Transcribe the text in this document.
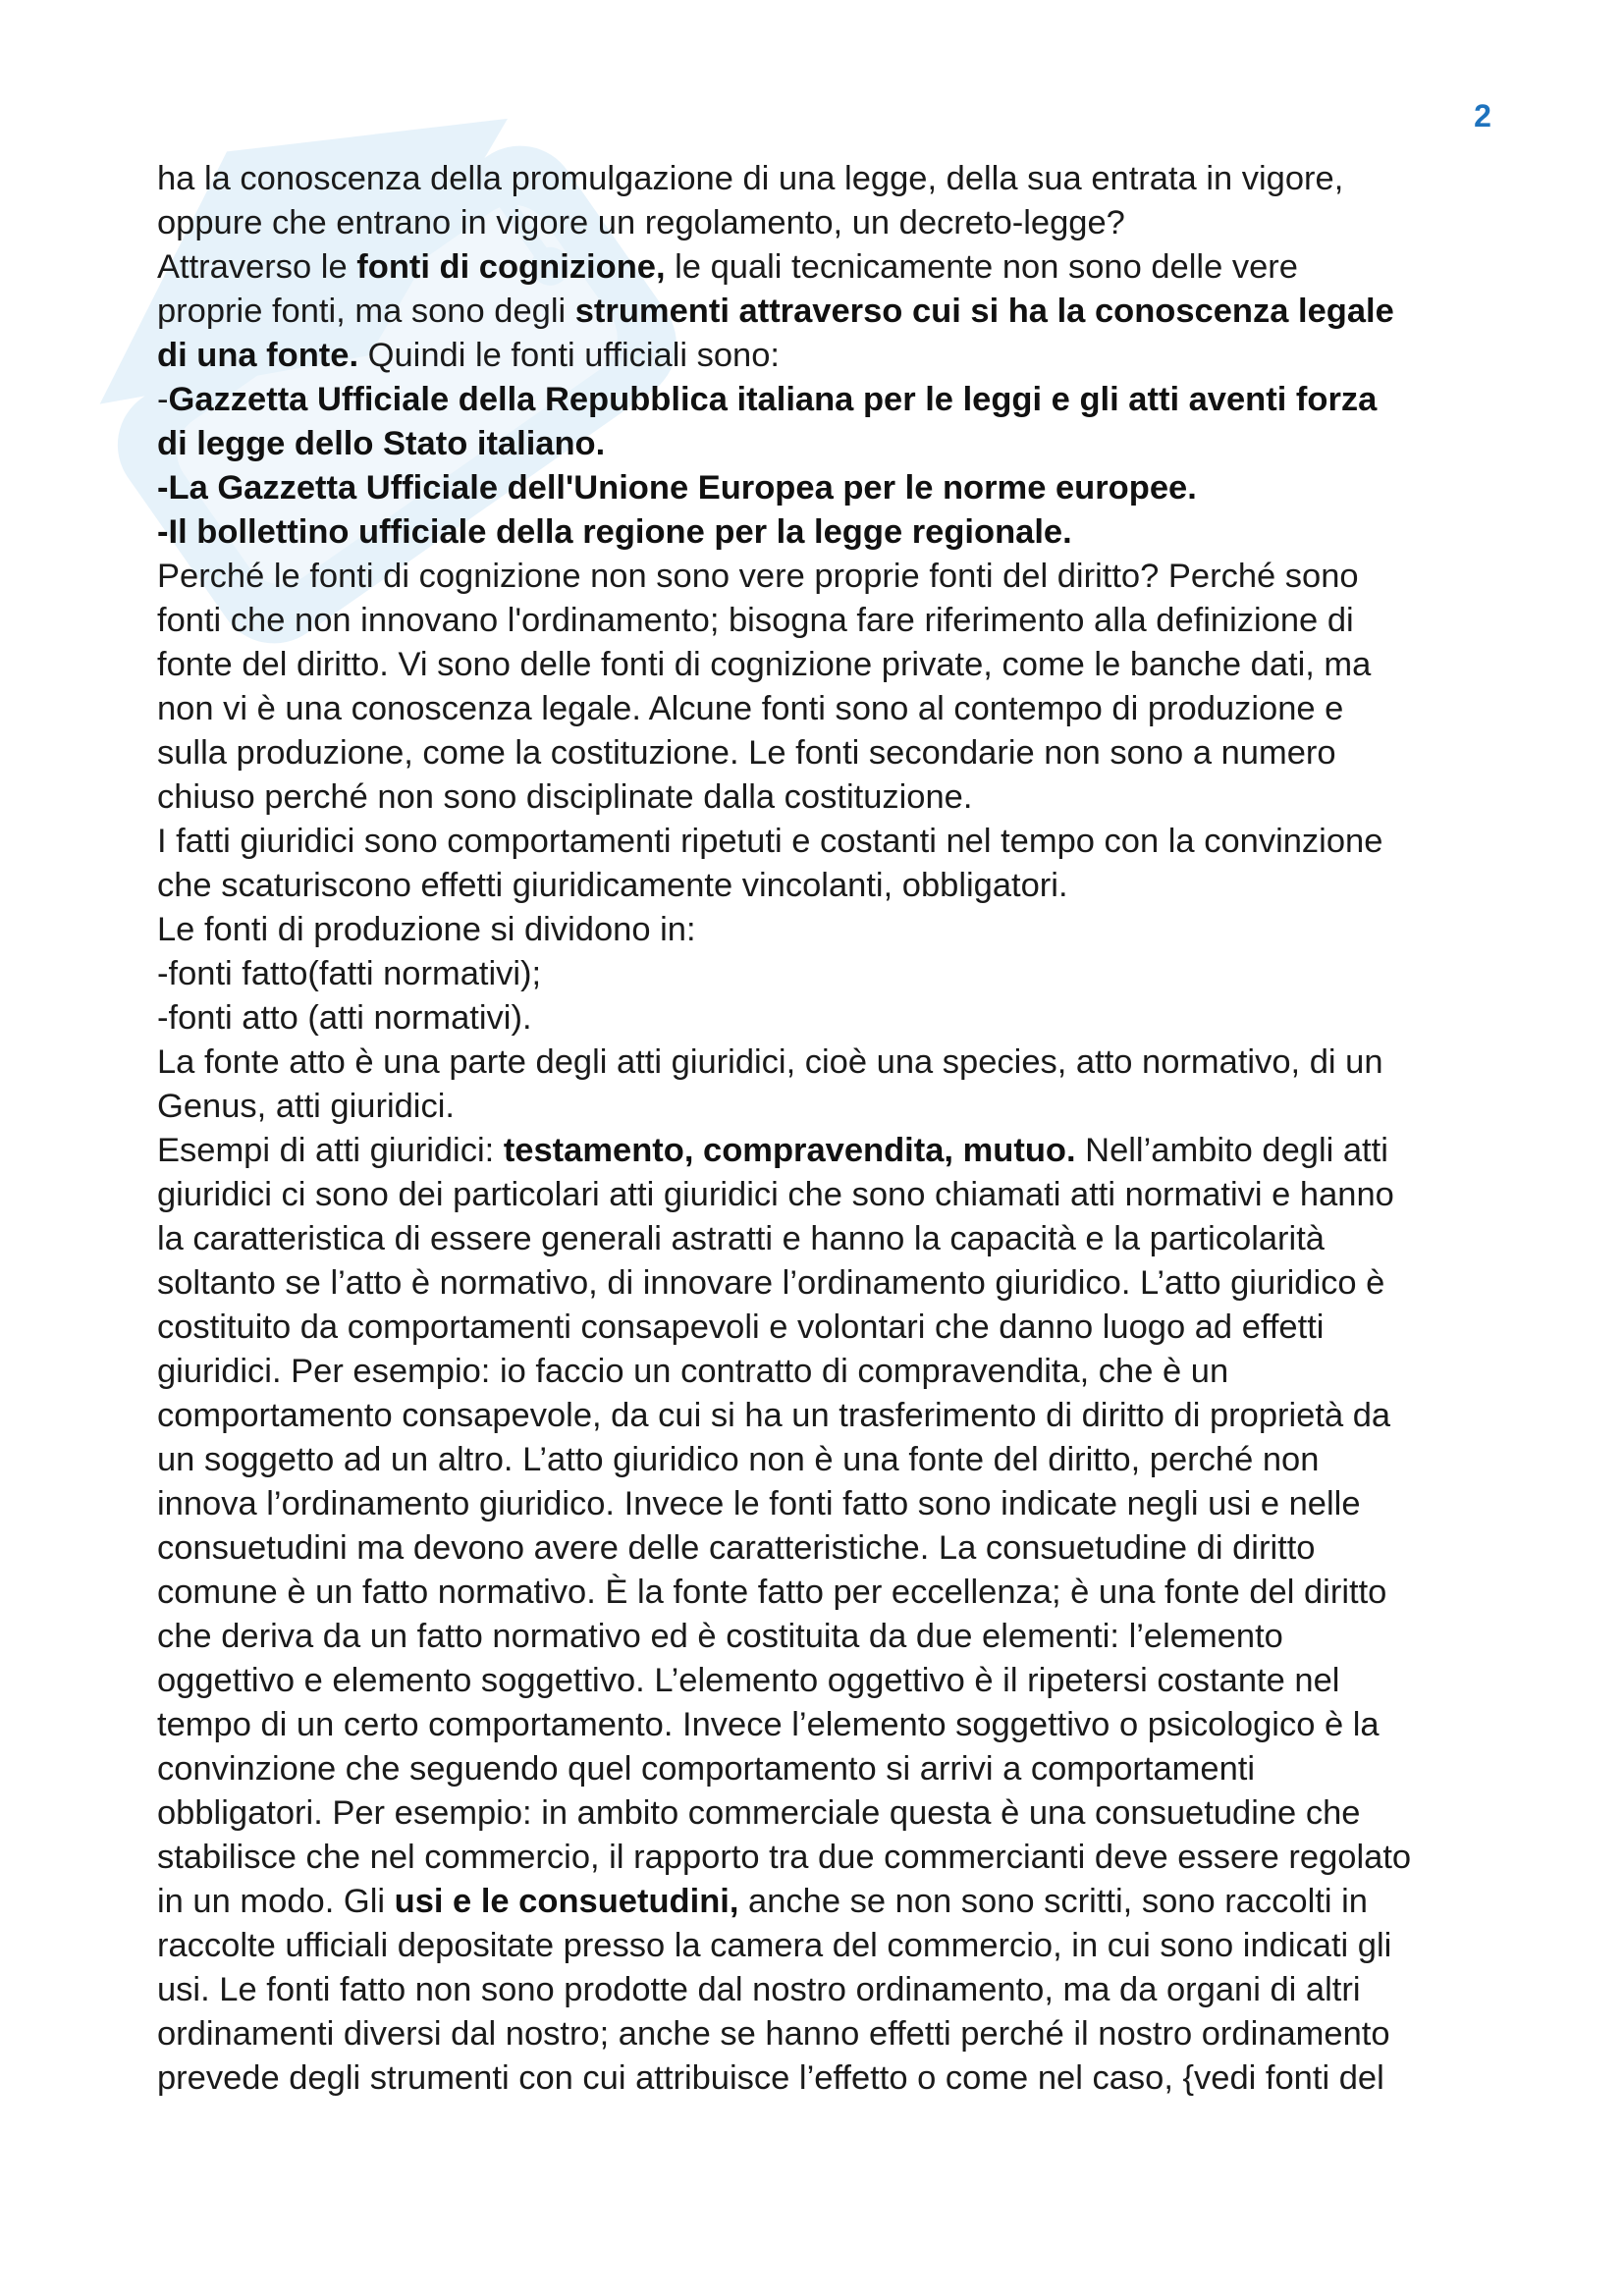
2
ha la conoscenza della promulgazione di una legge, della sua entrata in vigore,
oppure che entrano in vigore un regolamento, un decreto-legge?
Attraverso le fonti di cognizione, le quali tecnicamente non sono delle vere
proprie fonti, ma sono degli strumenti attraverso cui si ha la conoscenza legale
di una fonte. Quindi le fonti ufficiali sono:
-Gazzetta Ufficiale della Repubblica italiana per le leggi e gli atti aventi forza
di legge dello Stato italiano.
-La Gazzetta Ufficiale dell'Unione Europea per le norme europee.
-Il bollettino ufficiale della regione per la legge regionale.
Perché le fonti di cognizione non sono vere proprie fonti del diritto? Perché sono
fonti che non innovano l'ordinamento; bisogna fare riferimento alla definizione di
fonte del diritto. Vi sono delle fonti di cognizione private, come le banche dati, ma
non vi è una conoscenza legale. Alcune fonti sono al contempo di produzione e
sulla produzione, come la costituzione. Le fonti secondarie non sono a numero
chiuso perché non sono disciplinate dalla costituzione.
I fatti giuridici sono comportamenti ripetuti e costanti nel tempo con la convinzione
che scaturiscono effetti giuridicamente vincolanti, obbligatori.
Le fonti di produzione si dividono in:
-fonti fatto(fatti normativi);
-fonti atto (atti normativi).
La fonte atto è una parte degli atti giuridici, cioè una species, atto normativo, di un
Genus, atti giuridici.
Esempi di atti giuridici: testamento, compravendita, mutuo. Nell’ambito degli atti
giuridici ci sono dei particolari atti giuridici che sono chiamati atti normativi e hanno
la caratteristica di essere generali astratti e hanno la capacità e la particolarità
soltanto se l’atto è normativo, di innovare l’ordinamento giuridico. L’atto giuridico è
costituito da comportamenti consapevoli e volontari che danno luogo ad effetti
giuridici. Per esempio: io faccio un contratto di compravendita, che è un
comportamento consapevole, da cui si ha un trasferimento di diritto di proprietà da
un soggetto ad un altro. L’atto giuridico non è una fonte del diritto, perché non
innova l’ordinamento giuridico. Invece le fonti fatto sono indicate negli usi e nelle
consuetudini ma devono avere delle caratteristiche. La consuetudine di diritto
comune è un fatto normativo. È la fonte fatto per eccellenza; è una fonte del diritto
che deriva da un fatto normativo ed è costituita da due elementi: l’elemento
oggettivo e elemento soggettivo. L’elemento oggettivo è il ripetersi costante nel
tempo di un certo comportamento. Invece l’elemento soggettivo o psicologico è la
convinzione che seguendo quel comportamento si arrivi a comportamenti
obbligatori. Per esempio: in ambito commerciale questa è una consuetudine che
stabilisce che nel commercio, il rapporto tra due commercianti deve essere regolato
in un modo. Gli usi e le consuetudini, anche se non sono scritti, sono raccolti in
raccolte ufficiali depositate presso la camera del commercio, in cui sono indicati gli
usi. Le fonti fatto non sono prodotte dal nostro ordinamento, ma da organi di altri
ordinamenti diversi dal nostro; anche se hanno effetti perché il nostro ordinamento
prevede degli strumenti con cui attribuisce l’effetto o come nel caso, {vedi fonti del
